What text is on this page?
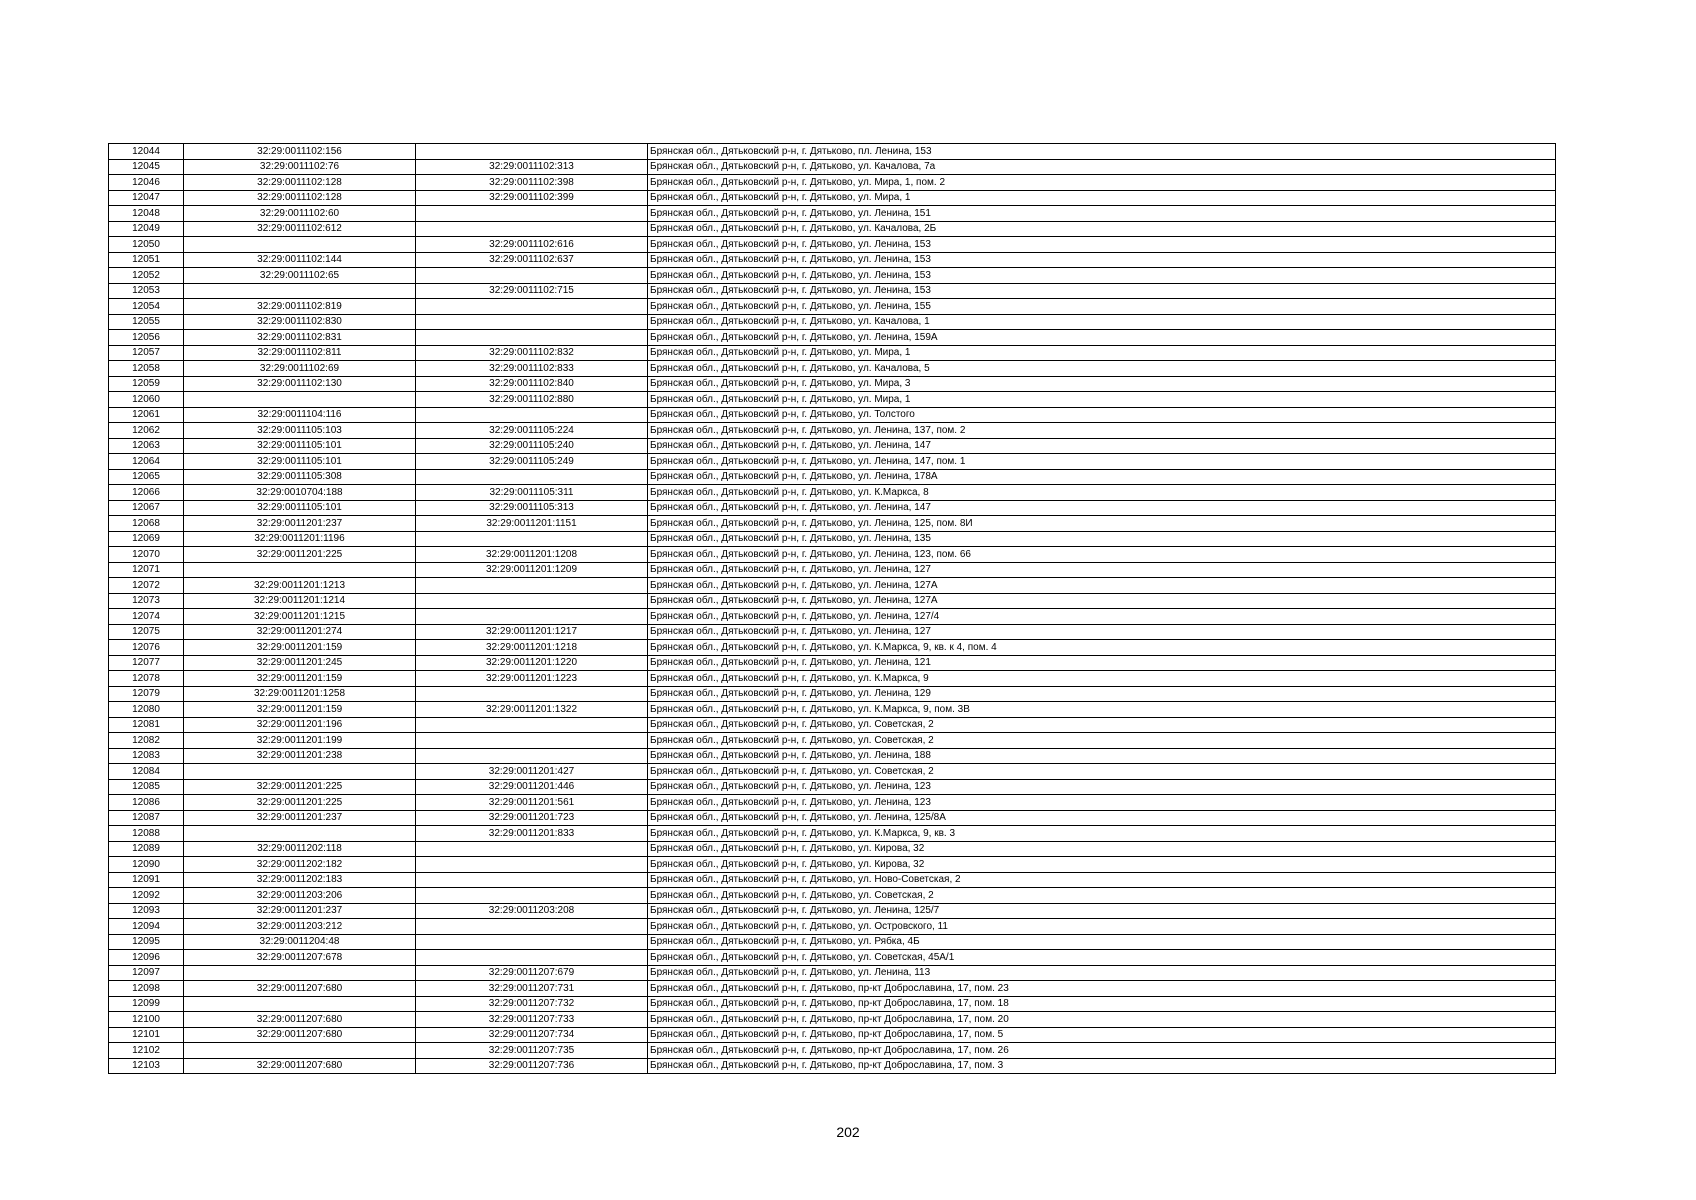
12044	32:29:0011102:156		Брянская обл., Дятьковский р-н, г. Дятьково, пл. Ленина, 153
12045	32:29:0011102:76	32:29:0011102:313	Брянская обл., Дятьковский р-н, г. Дятьково, ул. Качалова, 7а
12046	32:29:0011102:128	32:29:0011102:398	Брянская обл., Дятьковский р-н, г. Дятьково, ул. Мира, 1, пом. 2
12047	32:29:0011102:128	32:29:0011102:399	Брянская обл., Дятьковский р-н, г. Дятьково, ул. Мира, 1
12048	32:29:0011102:60		Брянская обл., Дятьковский р-н, г. Дятьково, ул. Ленина, 151
12049	32:29:0011102:612		Брянская обл., Дятьковский р-н, г. Дятьково, ул. Качалова, 2Б
12050		32:29:0011102:616	Брянская обл., Дятьковский р-н, г. Дятьково, ул. Ленина, 153
12051	32:29:0011102:144	32:29:0011102:637	Брянская обл., Дятьковский р-н, г. Дятьково, ул. Ленина, 153
12052	32:29:0011102:65		Брянская обл., Дятьковский р-н, г. Дятьково, ул. Ленина, 153
12053		32:29:0011102:715	Брянская обл., Дятьковский р-н, г. Дятьково, ул. Ленина, 153
12054	32:29:0011102:819		Брянская обл., Дятьковский р-н, г. Дятьково, ул. Ленина, 155
12055	32:29:0011102:830		Брянская обл., Дятьковский р-н, г. Дятьково, ул. Качалова, 1
12056	32:29:0011102:831		Брянская обл., Дятьковский р-н, г. Дятьково, ул. Ленина, 159А
12057	32:29:0011102:811	32:29:0011102:832	Брянская обл., Дятьковский р-н, г. Дятьково, ул. Мира, 1
12058	32:29:0011102:69	32:29:0011102:833	Брянская обл., Дятьковский р-н, г. Дятьково, ул. Качалова, 5
12059	32:29:0011102:130	32:29:0011102:840	Брянская обл., Дятьковский р-н, г. Дятьково, ул. Мира, 3
12060		32:29:0011102:880	Брянская обл., Дятьковский р-н, г. Дятьково, ул. Мира, 1
12061	32:29:0011104:116		Брянская обл., Дятьковский р-н, г. Дятьково, ул. Толстого
12062	32:29:0011105:103	32:29:0011105:224	Брянская обл., Дятьковский р-н, г. Дятьково, ул. Ленина, 137, пом. 2
12063	32:29:0011105:101	32:29:0011105:240	Брянская обл., Дятьковский р-н, г. Дятьково, ул. Ленина, 147
12064	32:29:0011105:101	32:29:0011105:249	Брянская обл., Дятьковский р-н, г. Дятьково, ул. Ленина, 147, пом. 1
12065	32:29:0011105:308		Брянская обл., Дятьковский р-н, г. Дятьково, ул. Ленина, 178А
12066	32:29:0010704:188	32:29:0011105:311	Брянская обл., Дятьковский р-н, г. Дятьково, ул. К.Маркса, 8
12067	32:29:0011105:101	32:29:0011105:313	Брянская обл., Дятьковский р-н, г. Дятьково, ул. Ленина, 147
12068	32:29:0011201:237	32:29:0011201:1151	Брянская обл., Дятьковский р-н, г. Дятьково, ул. Ленина, 125, пом. 8И
12069	32:29:0011201:1196		Брянская обл., Дятьковский р-н, г. Дятьково, ул. Ленина, 135
12070	32:29:0011201:225	32:29:0011201:1208	Брянская обл., Дятьковский р-н, г. Дятьково, ул. Ленина, 123, пом. 66
12071		32:29:0011201:1209	Брянская обл., Дятьковский р-н, г. Дятьково, ул. Ленина, 127
12072	32:29:0011201:1213		Брянская обл., Дятьковский р-н, г. Дятьково, ул. Ленина, 127А
12073	32:29:0011201:1214		Брянская обл., Дятьковский р-н, г. Дятьково, ул. Ленина, 127А
12074	32:29:0011201:1215		Брянская обл., Дятьковский р-н, г. Дятьково, ул. Ленина, 127/4
12075	32:29:0011201:274	32:29:0011201:1217	Брянская обл., Дятьковский р-н, г. Дятьково, ул. Ленина, 127
12076	32:29:0011201:159	32:29:0011201:1218	Брянская обл., Дятьковский р-н, г. Дятьково, ул. К.Маркса, 9, кв. к 4, пом. 4
12077	32:29:0011201:245	32:29:0011201:1220	Брянская обл., Дятьковский р-н, г. Дятьково, ул. Ленина, 121
12078	32:29:0011201:159	32:29:0011201:1223	Брянская обл., Дятьковский р-н, г. Дятьково, ул. К.Маркса, 9
12079	32:29:0011201:1258		Брянская обл., Дятьковский р-н, г. Дятьково, ул. Ленина, 129
12080	32:29:0011201:159	32:29:0011201:1322	Брянская обл., Дятьковский р-н, г. Дятьково, ул. К.Маркса, 9, пом. 3В
12081	32:29:0011201:196		Брянская обл., Дятьковский р-н, г. Дятьково, ул. Советская, 2
12082	32:29:0011201:199		Брянская обл., Дятьковский р-н, г. Дятьково, ул. Советская, 2
12083	32:29:0011201:238		Брянская обл., Дятьковский р-н, г. Дятьково, ул. Ленина, 188
12084		32:29:0011201:427	Брянская обл., Дятьковский р-н, г. Дятьково, ул. Советская, 2
12085	32:29:0011201:225	32:29:0011201:446	Брянская обл., Дятьковский р-н, г. Дятьково, ул. Ленина, 123
12086	32:29:0011201:225	32:29:0011201:561	Брянская обл., Дятьковский р-н, г. Дятьково, ул. Ленина, 123
12087	32:29:0011201:237	32:29:0011201:723	Брянская обл., Дятьковский р-н, г. Дятьково, ул. Ленина, 125/8А
12088		32:29:0011201:833	Брянская обл., Дятьковский р-н, г. Дятьково, ул. К.Маркса, 9, кв. 3
12089	32:29:0011202:118		Брянская обл., Дятьковский р-н, г. Дятьково, ул. Кирова, 32
12090	32:29:0011202:182		Брянская обл., Дятьковский р-н, г. Дятьково, ул. Кирова, 32
12091	32:29:0011202:183		Брянская обл., Дятьковский р-н, г. Дятьково, ул. Ново-Советская, 2
12092	32:29:0011203:206		Брянская обл., Дятьковский р-н, г. Дятьково, ул. Советская, 2
12093	32:29:0011201:237	32:29:0011203:208	Брянская обл., Дятьковский р-н, г. Дятьково, ул. Ленина, 125/7
12094	32:29:0011203:212		Брянская обл., Дятьковский р-н, г. Дятьково, ул. Островского, 11
12095	32:29:0011204:48		Брянская обл., Дятьковский р-н, г. Дятьково, ул. Рябка, 4Б
12096	32:29:0011207:678		Брянская обл., Дятьковский р-н, г. Дятьково, ул. Советская, 45А/1
12097		32:29:0011207:679	Брянская обл., Дятьковский р-н, г. Дятьково, ул. Ленина, 113
12098	32:29:0011207:680	32:29:0011207:731	Брянская обл., Дятьковский р-н, г. Дятьково, пр-кт Доброславина, 17, пом. 23
12099		32:29:0011207:732	Брянская обл., Дятьковский р-н, г. Дятьково, пр-кт Доброславина, 17, пом. 18
12100	32:29:0011207:680	32:29:0011207:733	Брянская обл., Дятьковский р-н, г. Дятьково, пр-кт Доброславина, 17, пом. 20
12101	32:29:0011207:680	32:29:0011207:734	Брянская обл., Дятьковский р-н, г. Дятьково, пр-кт Доброславина, 17, пом. 5
12102		32:29:0011207:735	Брянская обл., Дятьковский р-н, г. Дятьково, пр-кт Доброславина, 17, пом. 26
12103	32:29:0011207:680	32:29:0011207:736	Брянская обл., Дятьковский р-н, г. Дятьково, пр-кт Доброславина, 17, пом. 3
202
